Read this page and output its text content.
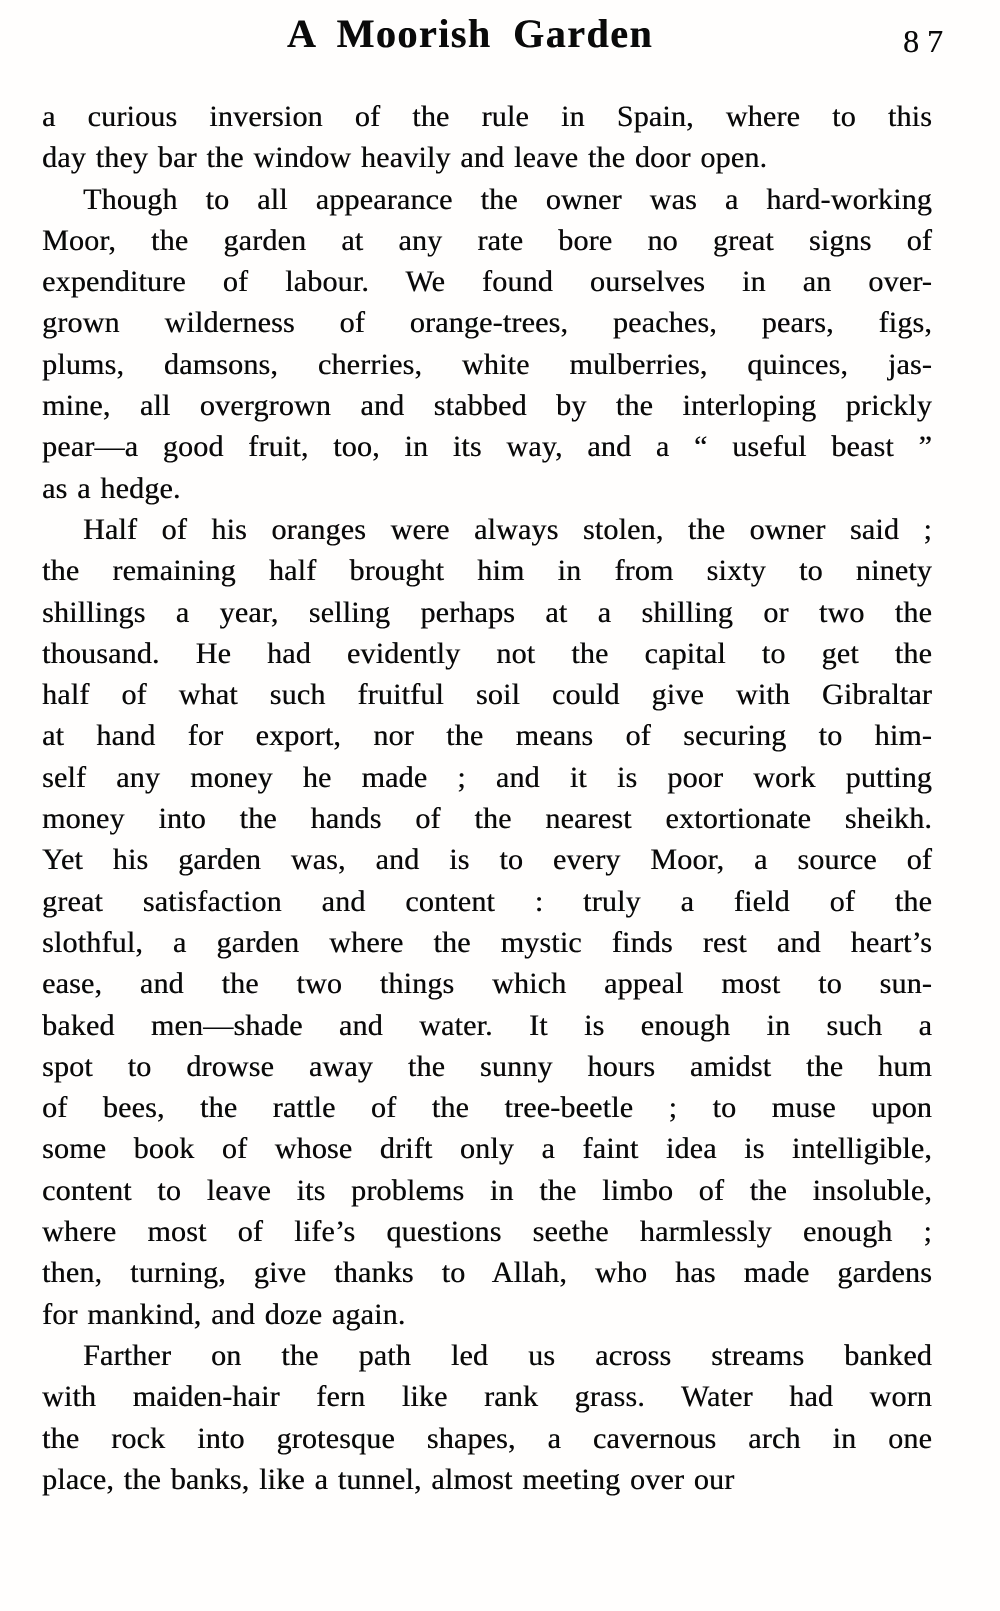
A Moorish Garden	87
a curious inversion of the rule in Spain, where to this
day they bar the window heavily and leave the door open.
Though to all appearance the owner was a hard-working
Moor, the garden at any rate bore no great signs of
expenditure of labour. We found ourselves in an over-
grown wilderness of orange-trees, peaches, pears, figs,
plums, damsons, cherries, white mulberries, quinces, jas-
mine, all overgrown and stabbed by the interloping prickly
pear—a good fruit, too, in its way, and a “ useful beast ”
as a hedge.
Half of his oranges were always stolen, the owner said ;
the remaining half brought him in from sixty to ninety
shillings a year, selling perhaps at a shilling or two the
thousand. He had evidently not the capital to get the
half of what such fruitful soil could give with Gibraltar
at hand for export, nor the means of securing to him-
self any money he made ; and it is poor work putting
money into the hands of the nearest extortionate sheikh.
Yet his garden was, and is to every Moor, a source of
great satisfaction and content : truly a field of the
slothful, a garden where the mystic finds rest and heart’s
ease, and the two things which appeal most to sun-
baked men—shade and water. It is enough in such a
spot to drowse away the sunny hours amidst the hum
of bees, the rattle of the tree-beetle ; to muse upon
some book of whose drift only a faint idea is intelligible,
content to leave its problems in the limbo of the insoluble,
where most of life’s questions seethe harmlessly enough ;
then, turning, give thanks to Allah, who has made gardens
for mankind, and doze again.
Farther on the path led us across streams banked
with maiden-hair fern like rank grass. Water had worn
the rock into grotesque shapes, a cavernous arch in one
place, the banks, like a tunnel, almost meeting over our
